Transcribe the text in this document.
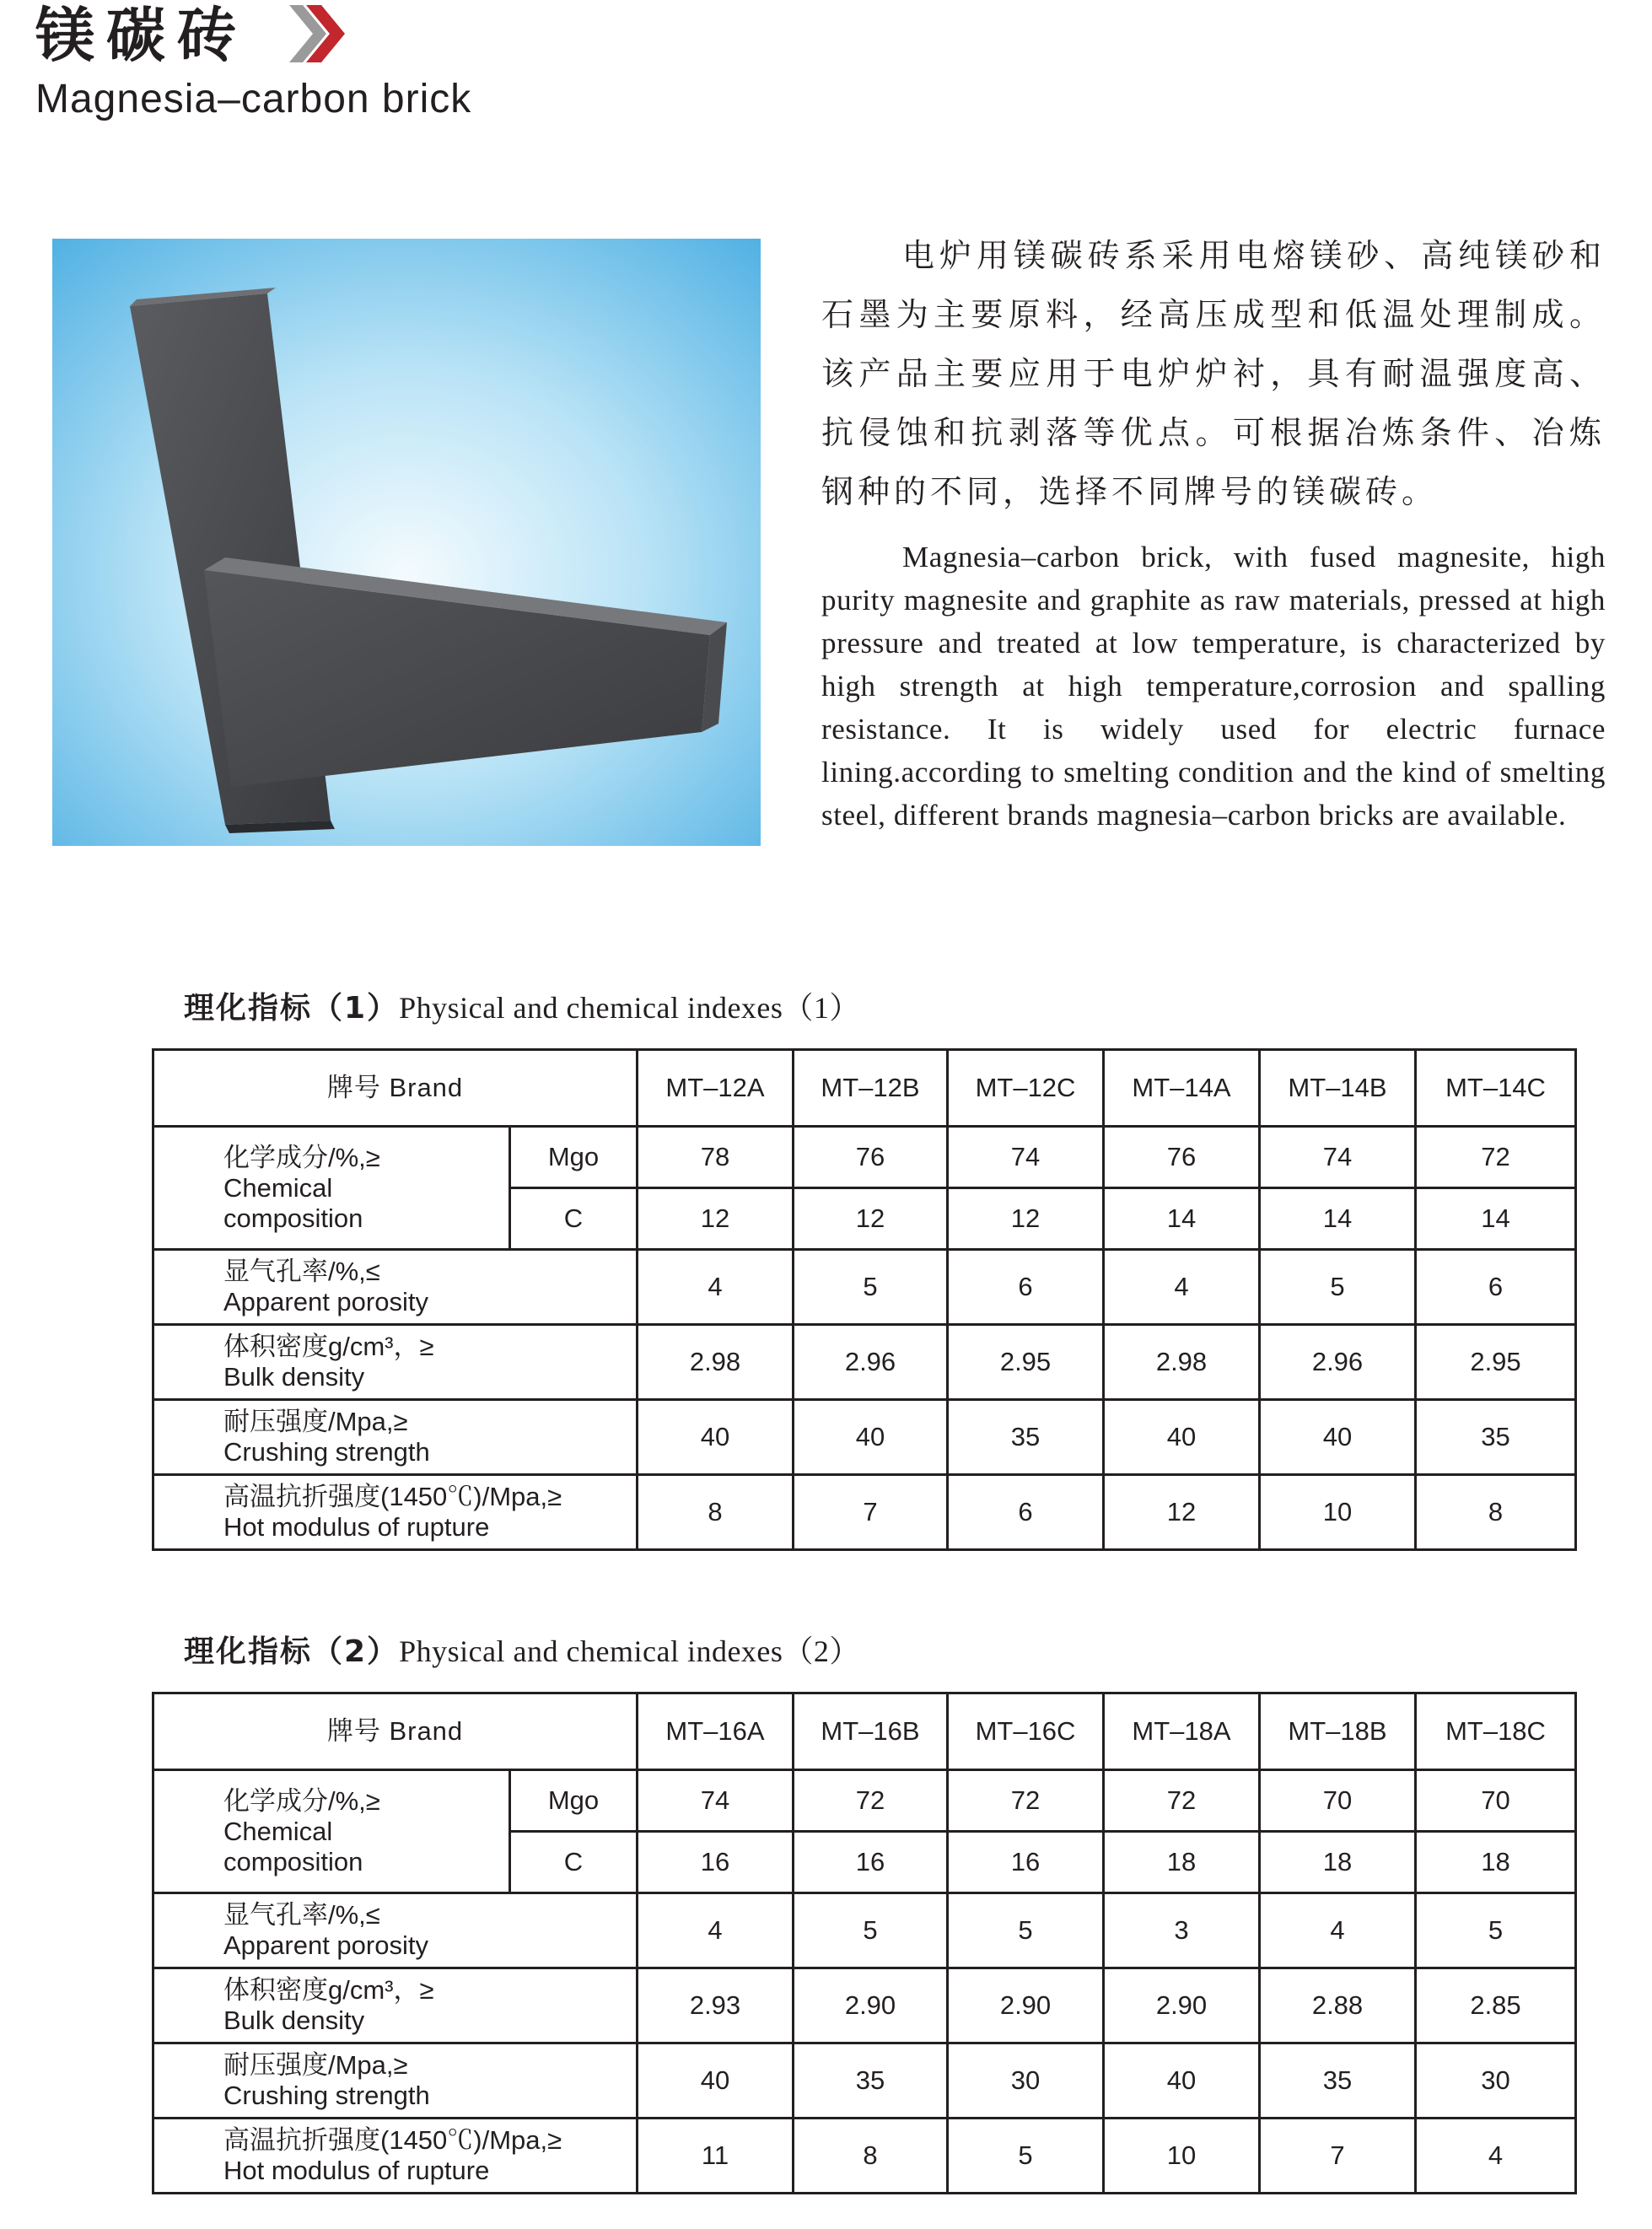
镁碳砖
Magnesia–carbon brick

电炉用镁碳砖系采用电熔镁砂、高纯镁砂和石墨为主要原料，经高压成型和低温处理制成。该产品主要应用于电炉炉衬，具有耐温强度高、抗侵蚀和抗剥落等优点。可根据冶炼条件、冶炼钢种的不同，选择不同牌号的镁碳砖。

Magnesia–carbon brick, with fused magnesite, high purity magnesite and graphite as raw materials, pressed at high pressure and treated at low temperature, is characterized by high strength at high temperature,corrosion and spalling resistance. It is widely used for electric furnace lining.according to smelting condition and the kind of smelting steel, different brands magnesia–carbon bricks are available.

理化指标（1）Physical and chemical indexes（1）
牌号 Brand		MT–12A	MT–12B	MT–12C	MT–14A	MT–14B	MT–14C

化学成分/%,≥
Chemical
composition	Mgo	78	76	74	76	74	72
	C	12	12	12	14	14	14

显气孔率/%,≤
Apparent porosity		4	5	6	4	5	6

体积密度g/cm³，≥
Bulk density		2.98	2.96	2.95	2.98	2.96	2.95

耐压强度/Mpa,≥
Crushing strength		40	40	35	40	40	35

高温抗折强度(1450℃)/Mpa,≥
Hot modulus of rupture		8	7	6	12	10	8
理化指标（2）Physical and chemical indexes（2）
牌号 Brand		MT–16A	MT–16B	MT–16C	MT–18A	MT–18B	MT–18C

化学成分/%,≥
Chemical
composition	Mgo	74	72	72	72	70	70
	C	16	16	16	18	18	18

显气孔率/%,≤
Apparent porosity		4	5	5	3	4	5

体积密度g/cm³，≥
Bulk density		2.93	2.90	2.90	2.90	2.88	2.85

耐压强度/Mpa,≥
Crushing strength		40	35	30	40	35	30

高温抗折强度(1450℃)/Mpa,≥
Hot modulus of rupture		11	8	5	10	7	4
